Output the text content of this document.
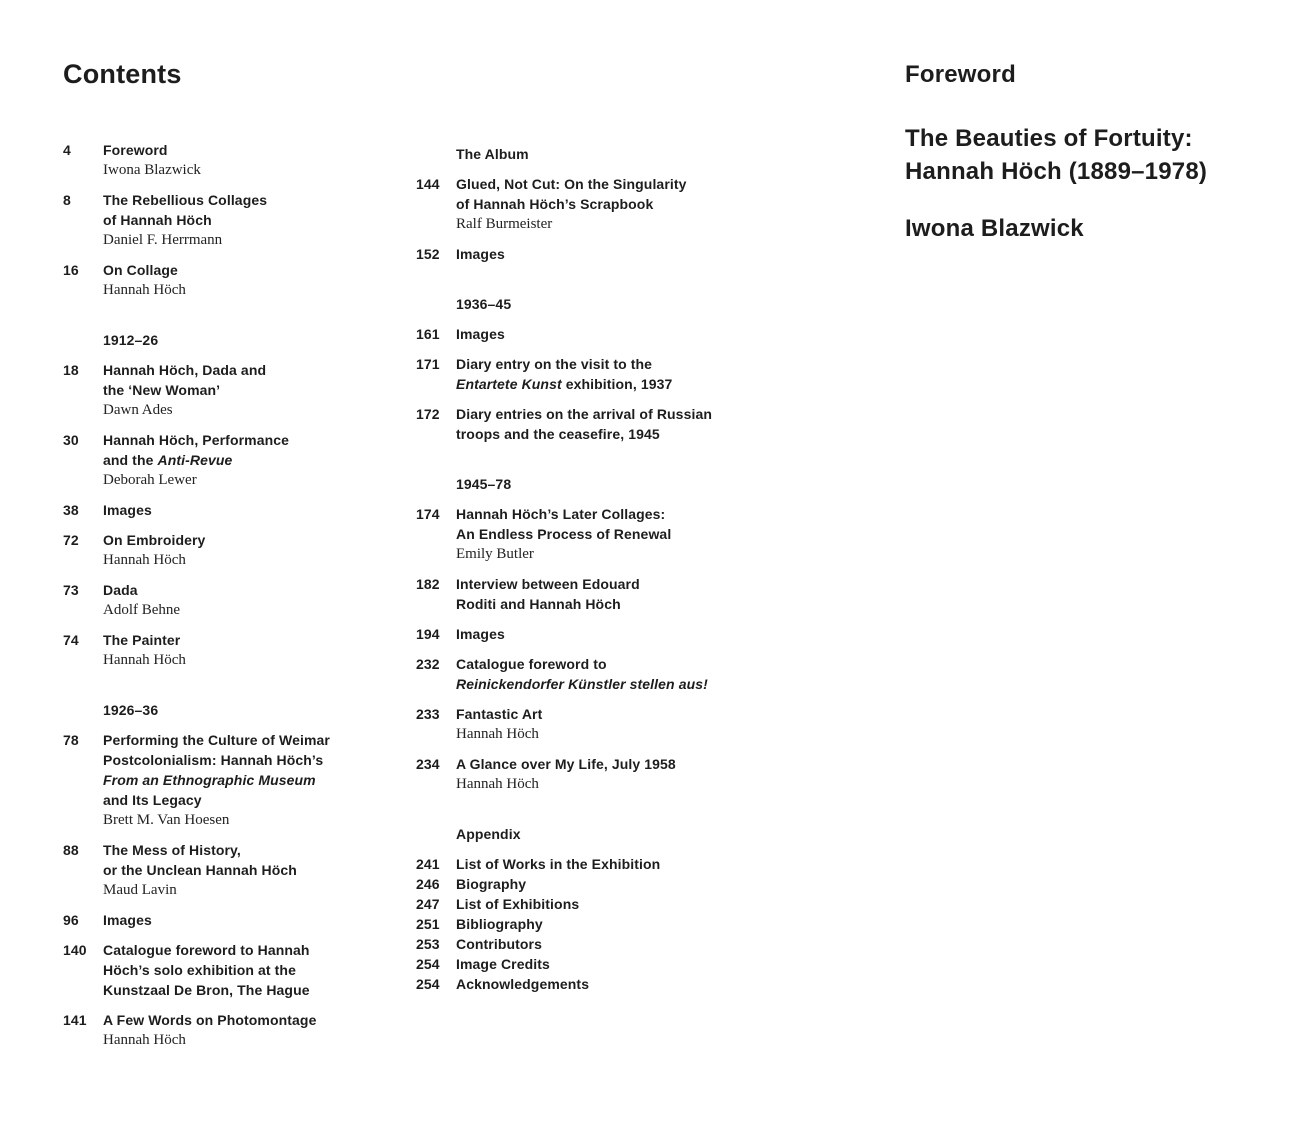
Contents
4	Foreword
Iwona Blazwick
8	The Rebellious Collages
of Hannah Höch
Daniel F. Herrmann
16	On Collage
Hannah Höch
1912–26
18	Hannah Höch, Dada and
the ‘New Woman’
Dawn Ades
30	Hannah Höch, Performance
and the Anti-Revue
Deborah Lewer
38	Images
72	On Embroidery
Hannah Höch
73	Dada
Adolf Behne
74	The Painter
Hannah Höch
1926–36
78	Performing the Culture of Weimar
Postcolonialism: Hannah Höch’s
From an Ethnographic Museum
and Its Legacy
Brett M. Van Hoesen
88	The Mess of History,
or the Unclean Hannah Höch
Maud Lavin
96	Images
140	Catalogue foreword to Hannah
Höch’s solo exhibition at the
Kunstzaal De Bron, The Hague
141	A Few Words on Photomontage
Hannah Höch
The Album
144	Glued, Not Cut: On the Singularity
of Hannah Höch’s Scrapbook
Ralf Burmeister
152	Images
1936–45
161	Images
171	Diary entry on the visit to the
Entartete Kunst exhibition, 1937
172	Diary entries on the arrival of Russian
troops and the ceasefire, 1945
1945–78
174	Hannah Höch’s Later Collages:
An Endless Process of Renewal
Emily Butler
182	Interview between Edouard
Roditi and Hannah Höch
194	Images
232	Catalogue foreword to
Reinickendorfer Künstler stellen aus!
233	Fantastic Art
Hannah Höch
234	A Glance over My Life, July 1958
Hannah Höch
Appendix
241	List of Works in the Exhibition
246	Biography
247	List of Exhibitions
251	Bibliography
253	Contributors
254	Image Credits
254	Acknowledgements
Foreword
The Beauties of Fortuity:
Hannah Höch (1889–1978)
Iwona Blazwick
